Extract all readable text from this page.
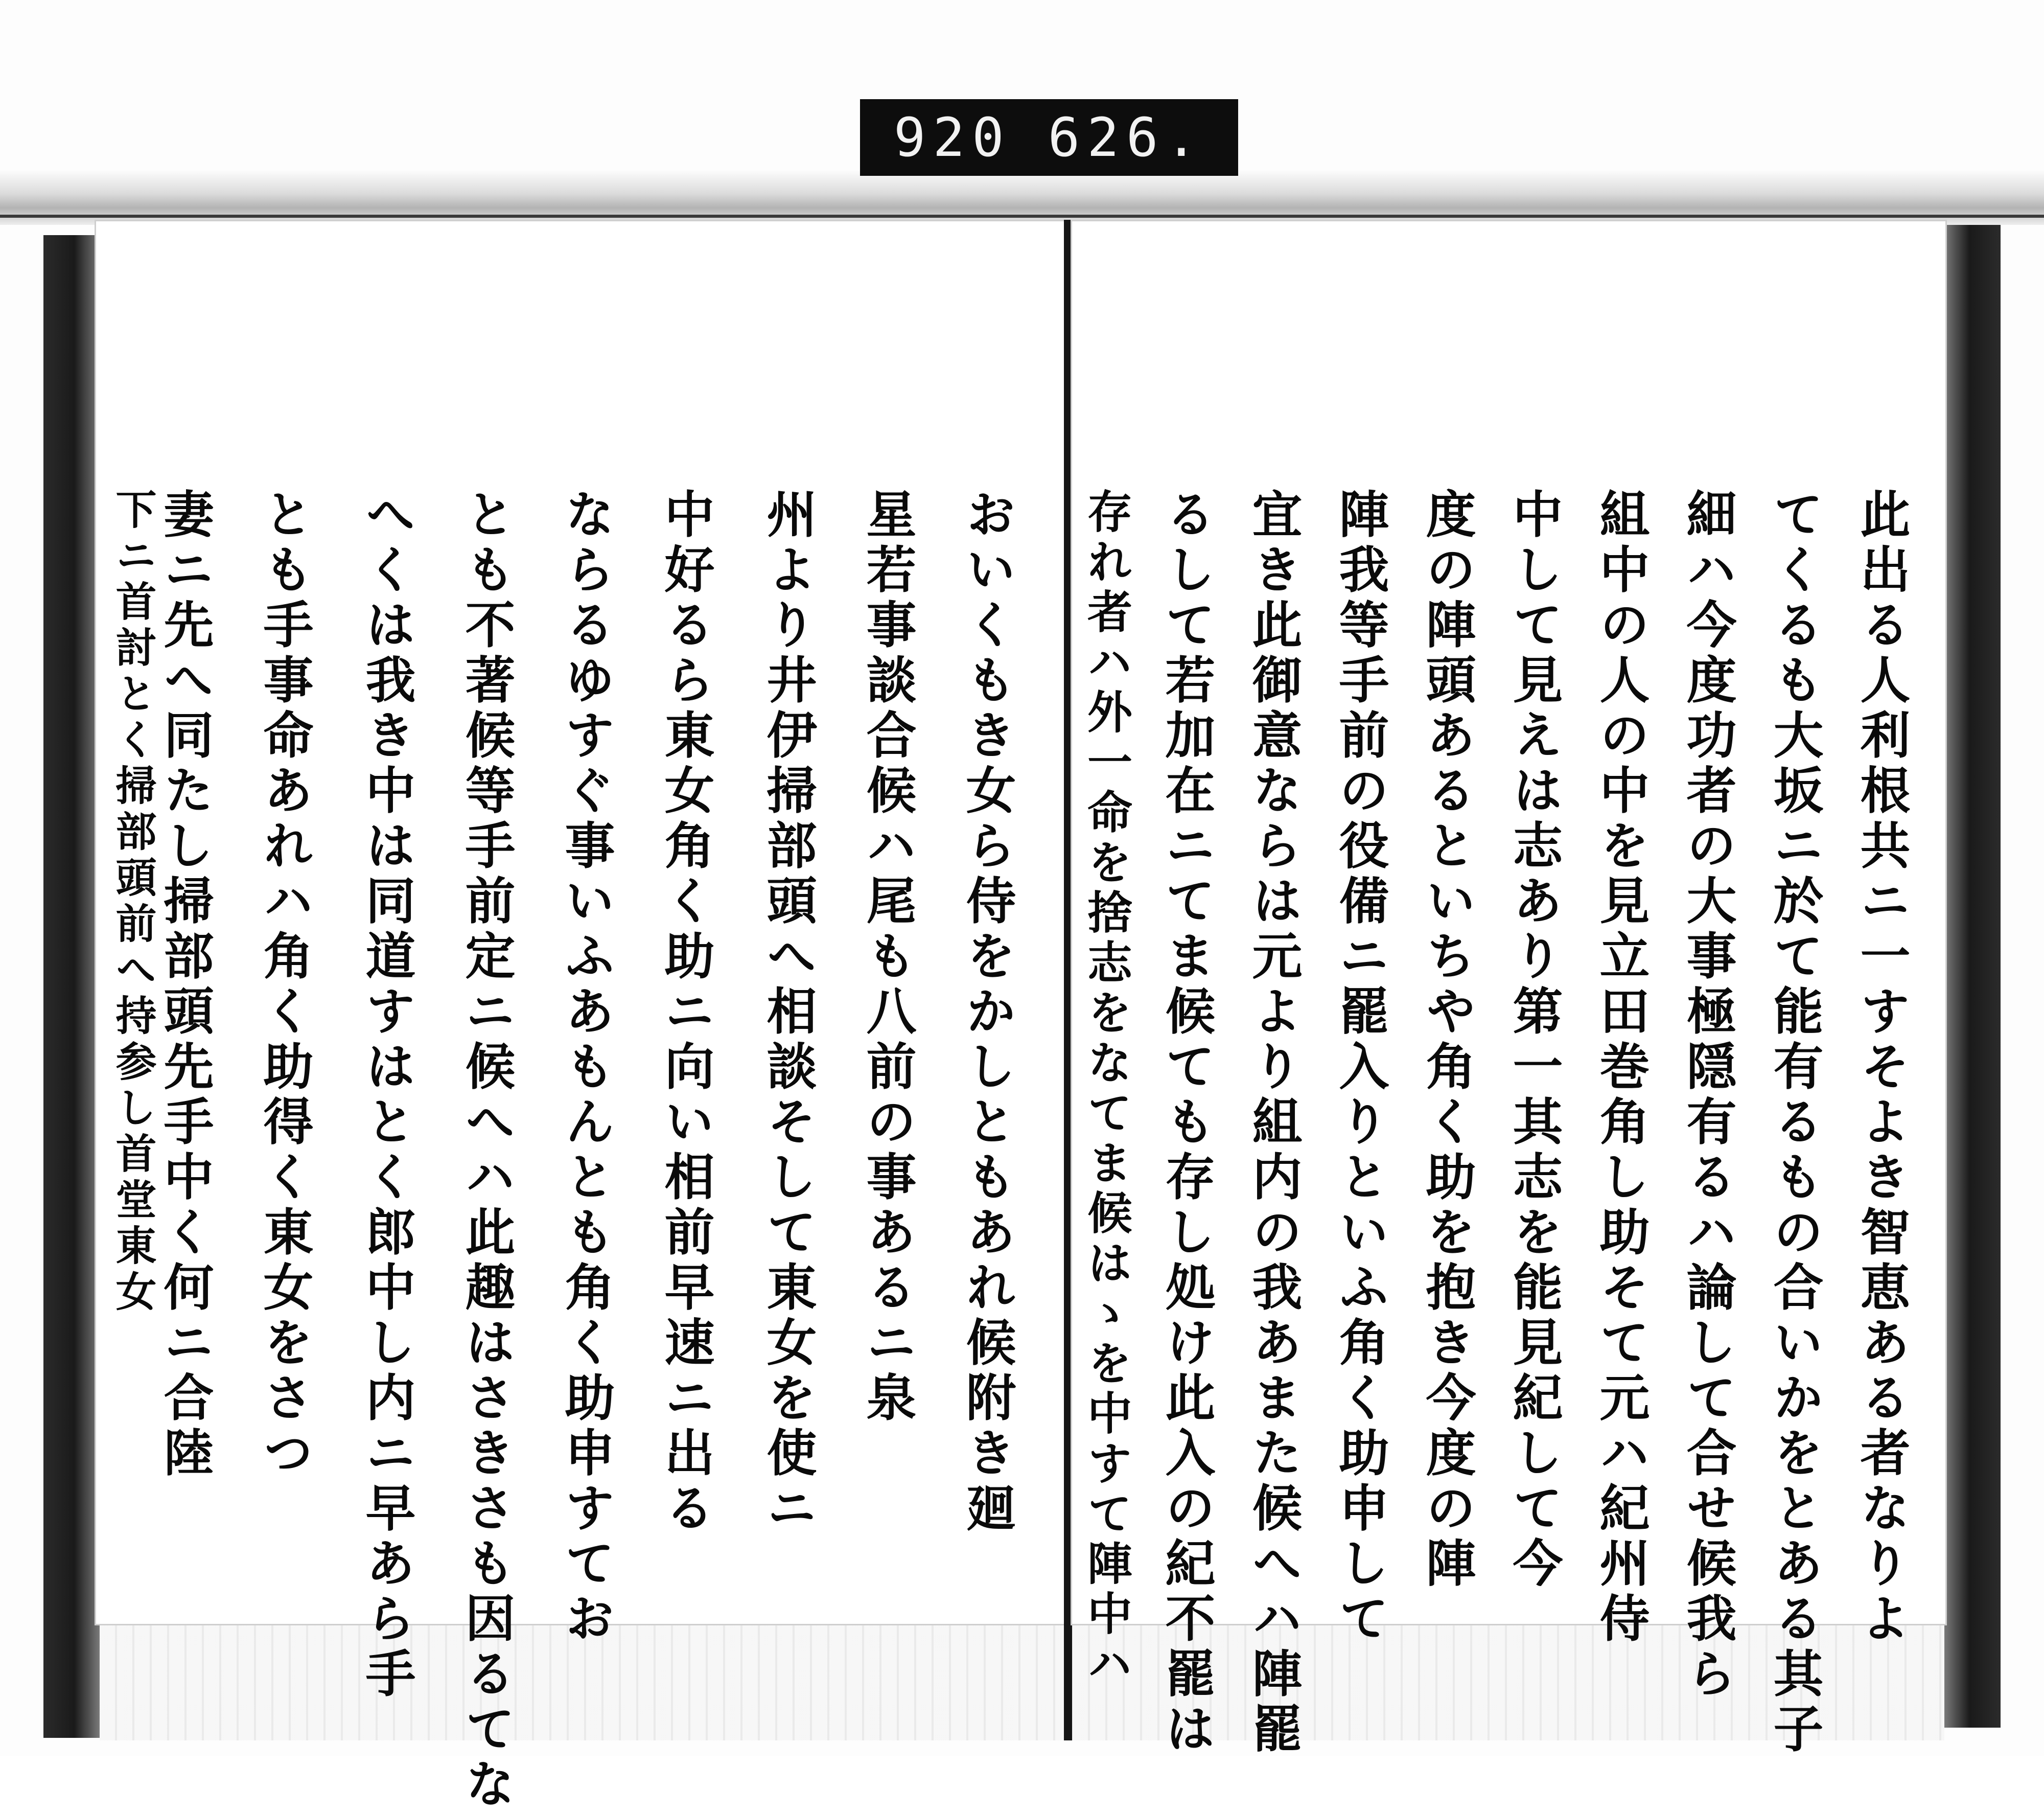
920 626.
おいくもき女ら侍をかしともあれ候附き廻
星若事談合候ハ尾も八前の事あるニ泉
州より井伊掃部頭へ相談そして東女を使ニ
中好るら東女角く助ニ向い相前早速ニ出る
ならるゆすぐ事いふあもんとも角く助申すてお
とも不著候等手前定ニ候へハ此趣はさきさも因るてな
へくは我き中は同道すはとく郎中し内ニ早あら手
とも手事命あれハ角く助得く東女をさつ
妻ニ先へ同たし掃部頭先手中く何ニ合陸
下ニ首討とく掃部頭前へ持参し首堂東女	此出る人利根共ニ一すそよき智恵ある者なりよ
てくるも大坂ニ於て能有るもの合いかをとある其子
細ハ今度功者の大事極隠有るハ論して合せ候我ら
組中の人の中を見立田巻角し助そて元ハ紀州侍
中して見えは志あり第一其志を能見紀して今
度の陣頭あるといちや角く助を抱き今度の陣
陣我等手前の役備ニ罷入りといふ角く助申して
宜き此御意ならは元より組内の我あまた候へハ陣罷
るして若加在ニてま候ても存し処け此入の紀不罷は
存れ者ハ外一命を捨志をなてま候はゝを中すて陣中ハ
